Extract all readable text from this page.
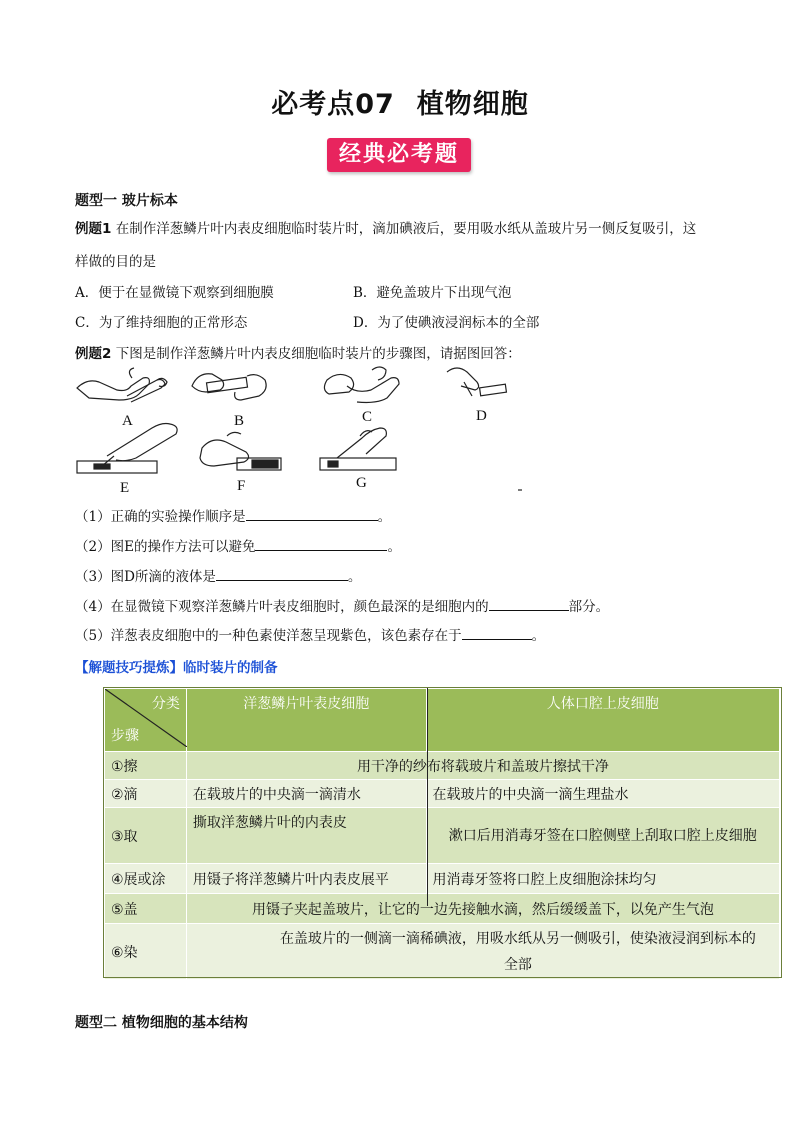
必考点07 植物细胞
经典必考题
题型一 玻片标本
例题1 在制作洋葱鳞片叶内表皮细胞临时装片时，滴加碘液后，要用吸水纸从盖玻片另一侧反复吸引，这
样做的目的是
A．便于在显微镜下观察到细胞膜	B．避免盖玻片下出现气泡
C．为了维持细胞的正常形态	D．为了使碘液浸润标本的全部
例题2 下图是制作洋葱鳞片叶内表皮细胞临时装片的步骤图，请据图回答：
A	B	C	D
E	F	G
（1）正确的实验操作顺序是	。
（2）图E的操作方法可以避免	。
（3）图D所滴的液体是	。
（4）在显微镜下观察洋葱鳞片叶表皮细胞时，颜色最深的是细胞内的	部分。
（5）洋葱表皮细胞中的一种色素使洋葱呈现紫色，该色素存在于	。
【解题技巧提炼】临时装片的制备
分类
步骤	洋葱鳞片叶表皮细胞	人体口腔上皮细胞
①擦	用干净的纱布将载玻片和盖玻片擦拭干净	
②滴	在载玻片的中央滴一滴清水	在载玻片的中央滴一滴生理盐水
③取	撕取洋葱鳞片叶的内表皮	漱口后用消毒牙签在口腔侧壁上刮取口腔上皮细胞
④展或涂	用镊子将洋葱鳞片叶内表皮展平	用消毒牙签将口腔上皮细胞涂抹均匀
⑤盖	用镊子夹起盖玻片，让它的一边先接触水滴，然后缓缓盖下，以免产生气泡	
⑥染	在盖玻片的一侧滴一滴稀碘液，用吸水纸从另一侧吸引，使染液浸润到标本的全部	
题型二 植物细胞的基本结构
